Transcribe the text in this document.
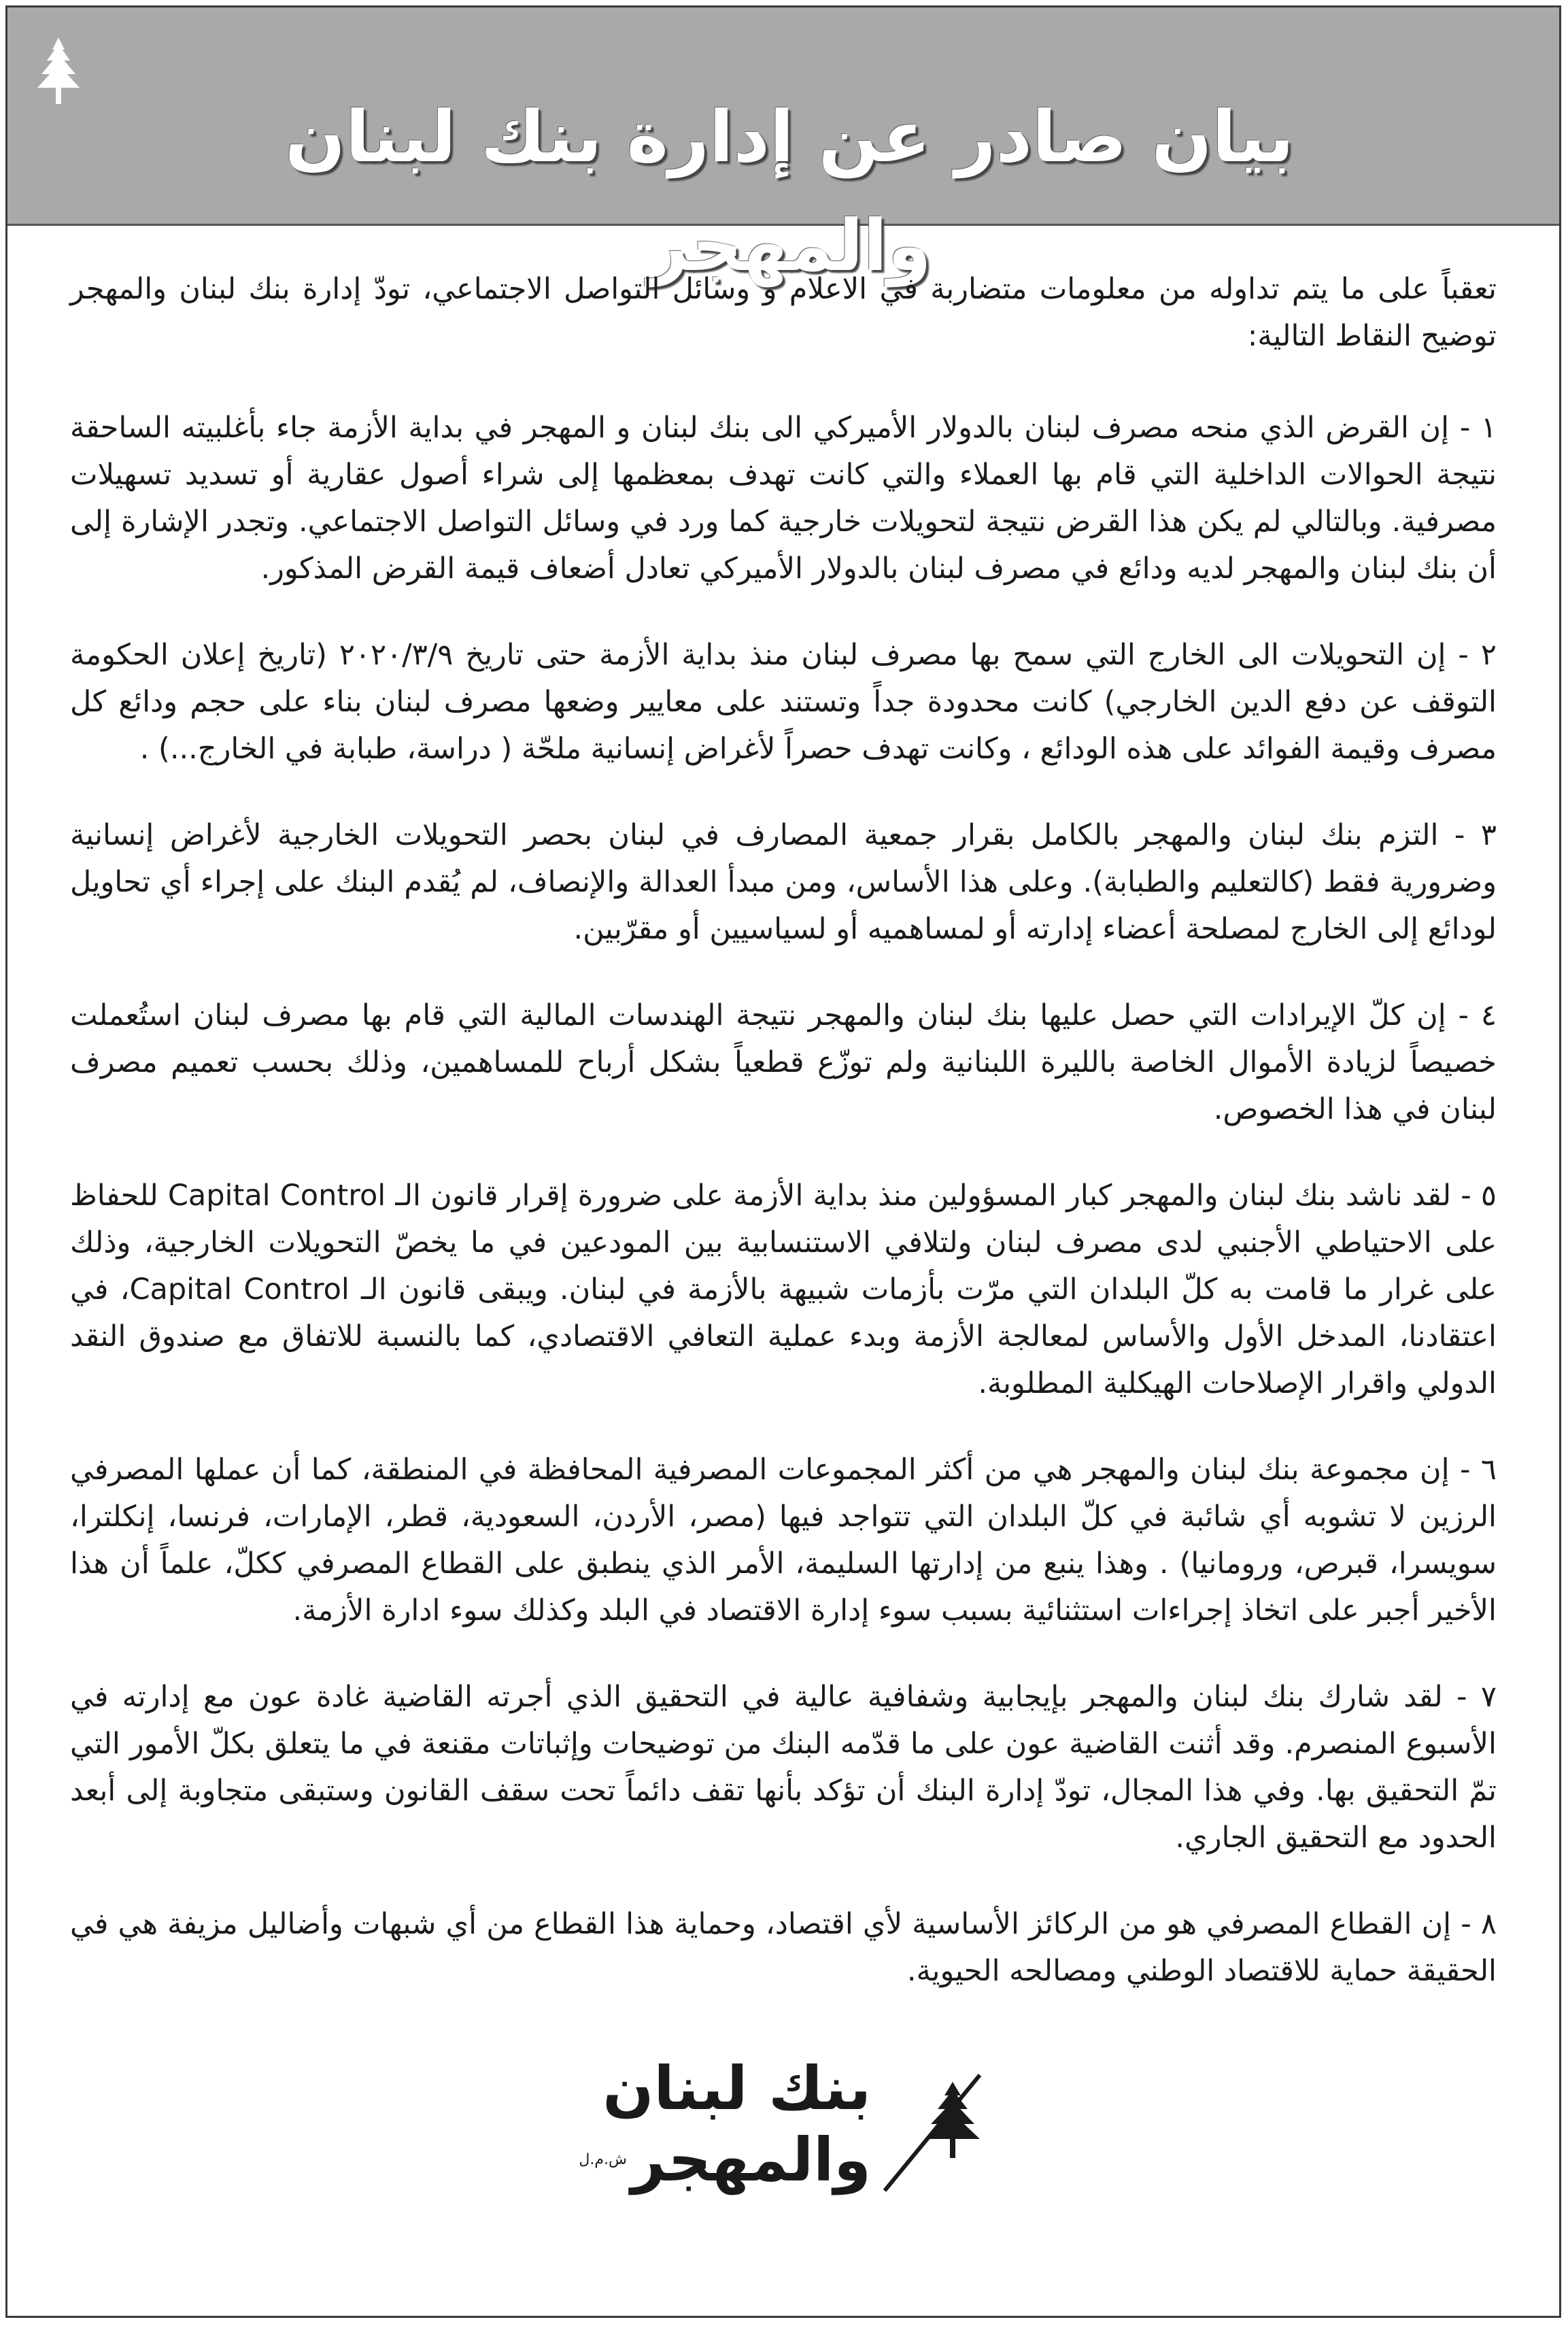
بيان صادر عن إدارة بنك لبنان والمهجر

تعقباً على ما يتم تداوله من معلومات متضاربة في الاعلام و وسائل التواصل الاجتماعي، تودّ إدارة بنك لبنان والمهجر توضيح النقاط التالية:

١ - إن القرض الذي منحه مصرف لبنان بالدولار الأميركي الى بنك لبنان و المهجر في بداية الأزمة جاء بأغلبيته الساحقة نتيجة الحوالات الداخلية التي قام بها العملاء والتي كانت تهدف بمعظمها إلى شراء أصول عقارية أو تسديد تسهيلات مصرفية. وبالتالي لم يكن هذا القرض نتيجة لتحويلات خارجية كما ورد في وسائل التواصل الاجتماعي. وتجدر الإشارة إلى أن بنك لبنان والمهجر لديه ودائع في مصرف لبنان بالدولار الأميركي تعادل أضعاف قيمة القرض المذكور.

٢ - إن التحويلات الى الخارج التي سمح بها مصرف لبنان منذ بداية الأزمة حتى تاريخ ٢٠٢٠/٣/٩ (تاريخ إعلان الحكومة التوقف عن دفع الدين الخارجي) كانت محدودة جداً وتستند على معايير وضعها مصرف لبنان بناء على حجم ودائع كل مصرف وقيمة الفوائد على هذه الودائع ، وكانت تهدف حصراً لأغراض إنسانية ملحّة ( دراسة، طبابة في الخارج...) .

٣ - التزم بنك لبنان والمهجر بالكامل بقرار جمعية المصارف في لبنان بحصر التحويلات الخارجية لأغراض إنسانية وضرورية فقط (كالتعليم والطبابة). وعلى هذا الأساس، ومن مبدأ العدالة والإنصاف، لم يُقدم البنك على إجراء أي تحاويل لودائع إلى الخارج لمصلحة أعضاء إدارته أو لمساهميه أو لسياسيين أو مقرّبين.

٤ - إن كلّ الإيرادات التي حصل عليها بنك لبنان والمهجر نتيجة الهندسات المالية التي قام بها مصرف لبنان استُعملت خصيصاً لزيادة الأموال الخاصة بالليرة اللبنانية ولم توزّع قطعياً بشكل أرباح للمساهمين، وذلك بحسب تعميم مصرف لبنان في هذا الخصوص.

٥ - لقد ناشد بنك لبنان والمهجر كبار المسؤولين منذ بداية الأزمة على ضرورة إقرار قانون الـ Capital Control للحفاظ على الاحتياطي الأجنبي لدى مصرف لبنان ولتلافي الاستنسابية بين المودعين في ما يخصّ التحويلات الخارجية، وذلك على غرار ما قامت به كلّ البلدان التي مرّت بأزمات شبيهة بالأزمة في لبنان. ويبقى قانون الـ Capital Control، في اعتقادنا، المدخل الأول والأساس لمعالجة الأزمة وبدء عملية التعافي الاقتصادي، كما بالنسبة للاتفاق مع صندوق النقد الدولي واقرار الإصلاحات الهيكلية المطلوبة.

٦ - إن مجموعة بنك لبنان والمهجر هي من أكثر المجموعات المصرفية المحافظة في المنطقة، كما أن عملها المصرفي الرزين لا تشوبه أي شائبة في كلّ البلدان التي تتواجد فيها (مصر، الأردن، السعودية، قطر، الإمارات، فرنسا، إنكلترا، سويسرا، قبرص، ورومانيا) . وهذا ينبع من إدارتها السليمة، الأمر الذي ينطبق على القطاع المصرفي ككلّ، علماً أن هذا الأخير أجبر على اتخاذ إجراءات استثنائية بسبب سوء إدارة الاقتصاد في البلد وكذلك سوء ادارة الأزمة.

٧ - لقد شارك بنك لبنان والمهجر بإيجابية وشفافية عالية في التحقيق الذي أجرته القاضية غادة عون مع إدارته في الأسبوع المنصرم. وقد أثنت القاضية عون على ما قدّمه البنك من توضيحات وإثباتات مقنعة في ما يتعلق بكلّ الأمور التي تمّ التحقيق بها. وفي هذا المجال، تودّ إدارة البنك أن تؤكد بأنها تقف دائماً تحت سقف القانون وستبقى متجاوبة إلى أبعد الحدود مع التحقيق الجاري.

٨ - إن القطاع المصرفي هو من الركائز الأساسية لأي اقتصاد، وحماية هذا القطاع من أي شبهات وأضاليل مزيفة هي في الحقيقة حماية للاقتصاد الوطني ومصالحه الحيوية.

بنك لبنان
والمهجرش.م.ل
